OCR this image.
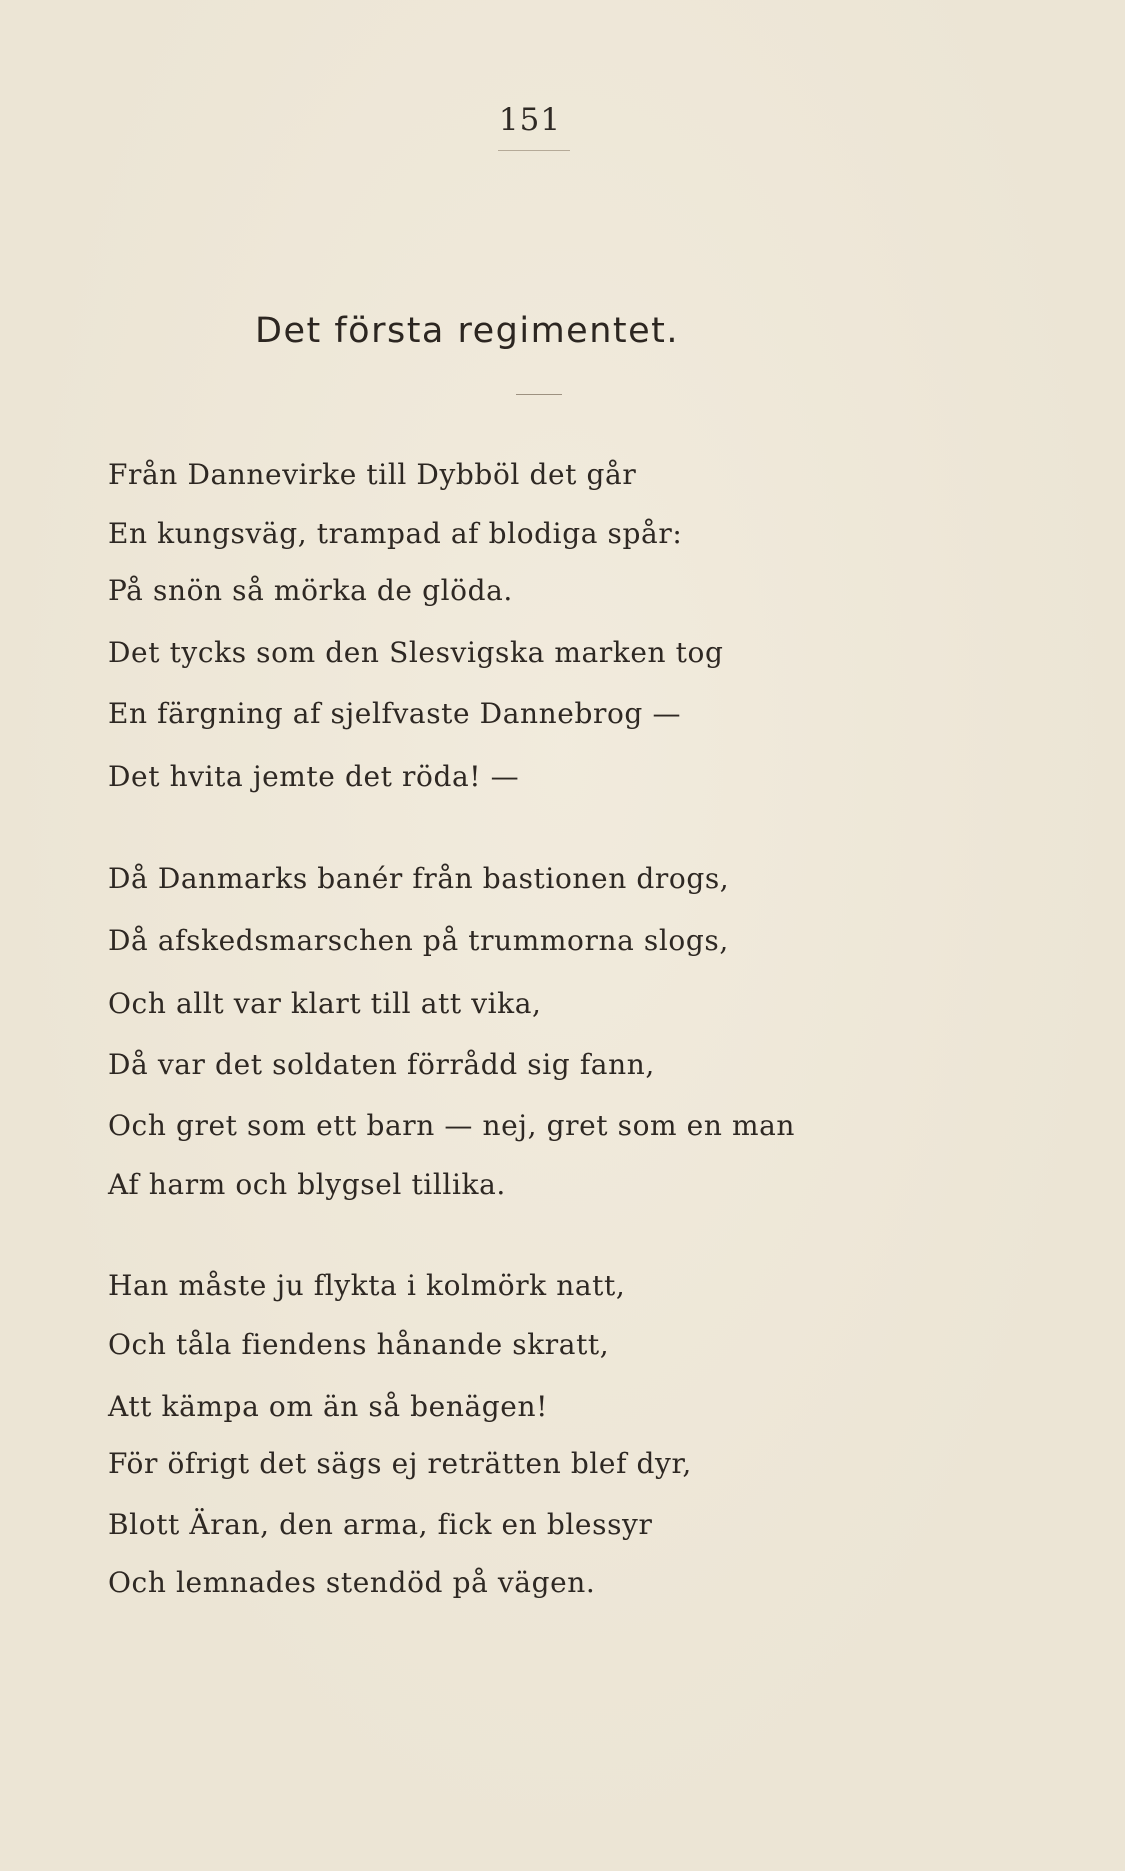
151
Det första regimentet.
Från Dannevirke till Dybböl det går
En kungsväg, trampad af blodiga spår:
På snön så mörka de glöda.
Det tycks som den Slesvigska marken tog
En färgning af sjelfvaste Dannebrog —
Det hvita jemte det röda! —
Då Danmarks banér från bastionen drogs,
Då afskedsmarschen på trummorna slogs,
Och allt var klart till att vika,
Då var det soldaten förrådd sig fann,
Och gret som ett barn — nej, gret som en man
Af harm och blygsel tillika.
Han måste ju flykta i kolmörk natt,
Och tåla fiendens hånande skratt,
Att kämpa om än så benägen!
För öfrigt det sägs ej reträtten blef dyr,
Blott Äran, den arma, fick en blessyr
Och lemnades stendöd på vägen.
